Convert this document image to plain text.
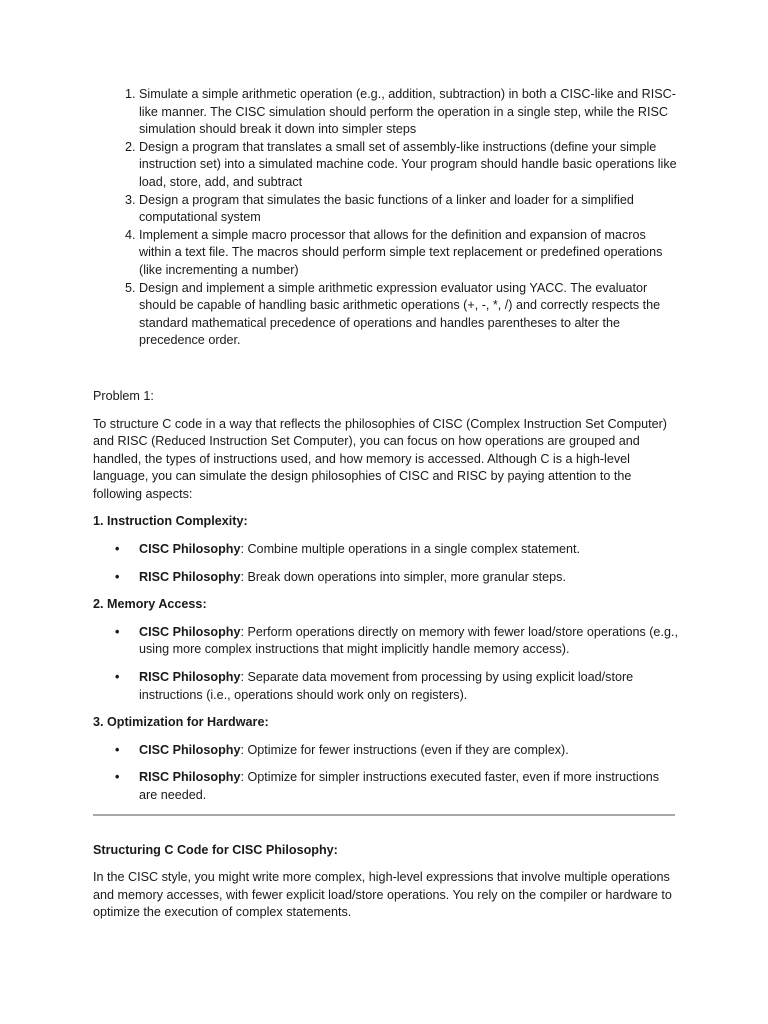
1. Simulate a simple arithmetic operation (e.g., addition, subtraction) in both a CISC-like and RISC-like manner. The CISC simulation should perform the operation in a single step, while the RISC simulation should break it down into simpler steps
2. Design a program that translates a small set of assembly-like instructions (define your simple instruction set) into a simulated machine code. Your program should handle basic operations like load, store, add, and subtract
3. Design a program that simulates the basic functions of a linker and loader for a simplified computational system
4. Implement a simple macro processor that allows for the definition and expansion of macros within a text file. The macros should perform simple text replacement or predefined operations (like incrementing a number)
5. Design and implement a simple arithmetic expression evaluator using YACC. The evaluator should be capable of handling basic arithmetic operations (+, -, *, /) and correctly respects the standard mathematical precedence of operations and handles parentheses to alter the precedence order.
Problem 1:
To structure C code in a way that reflects the philosophies of CISC (Complex Instruction Set Computer) and RISC (Reduced Instruction Set Computer), you can focus on how operations are grouped and handled, the types of instructions used, and how memory is accessed. Although C is a high-level language, you can simulate the design philosophies of CISC and RISC by paying attention to the following aspects:
1. Instruction Complexity:
• CISC Philosophy: Combine multiple operations in a single complex statement.
• RISC Philosophy: Break down operations into simpler, more granular steps.
2. Memory Access:
• CISC Philosophy: Perform operations directly on memory with fewer load/store operations (e.g., using more complex instructions that might implicitly handle memory access).
• RISC Philosophy: Separate data movement from processing by using explicit load/store instructions (i.e., operations should work only on registers).
3. Optimization for Hardware:
• CISC Philosophy: Optimize for fewer instructions (even if they are complex).
• RISC Philosophy: Optimize for simpler instructions executed faster, even if more instructions are needed.
Structuring C Code for CISC Philosophy:
In the CISC style, you might write more complex, high-level expressions that involve multiple operations and memory accesses, with fewer explicit load/store operations. You rely on the compiler or hardware to optimize the execution of complex statements.
